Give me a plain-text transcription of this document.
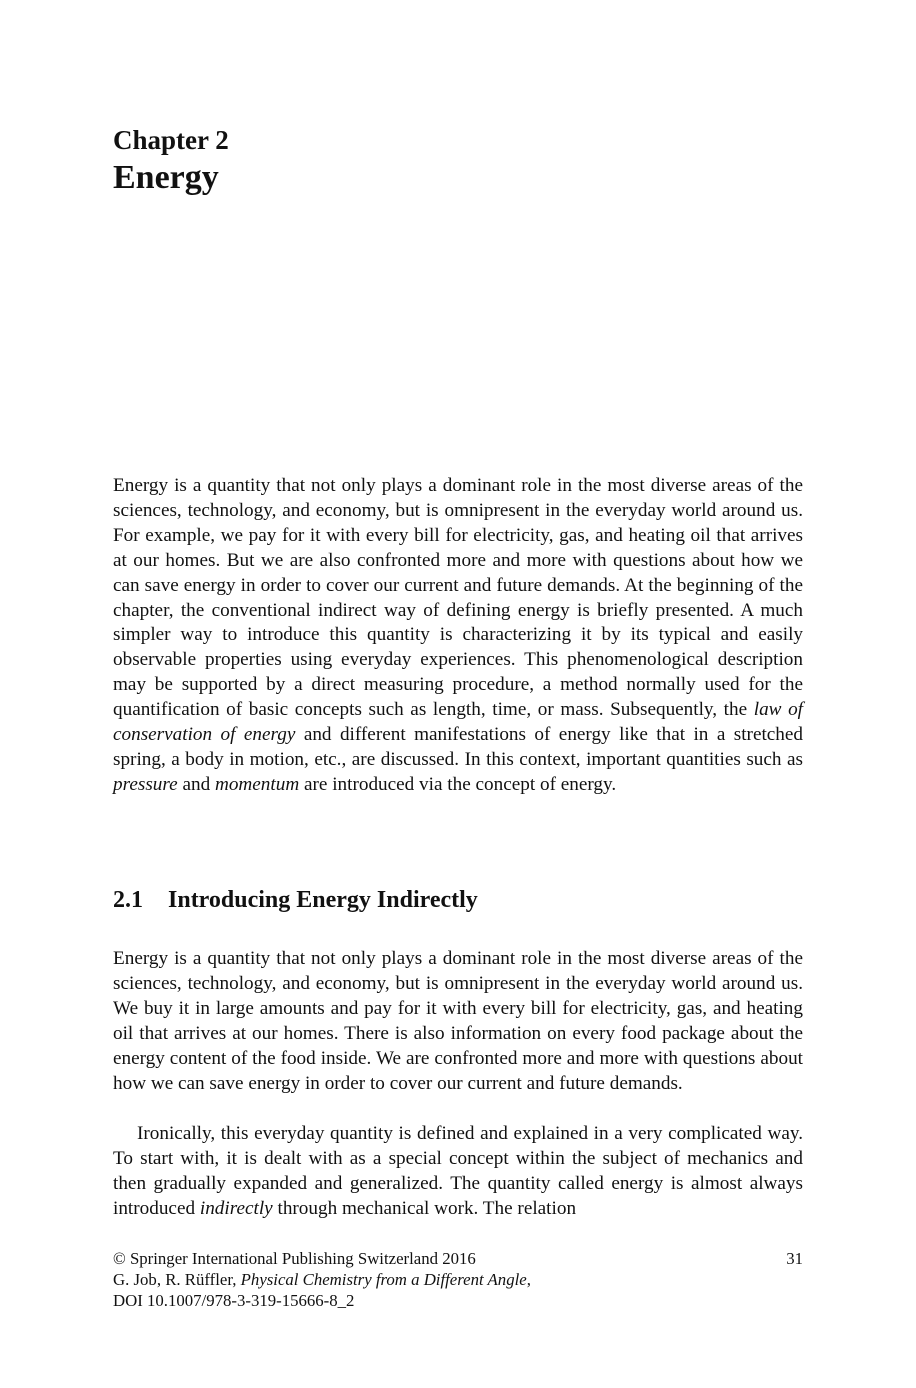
Chapter 2
Energy

Energy is a quantity that not only plays a dominant role in the most diverse areas of the sciences, technology, and economy, but is omnipresent in the everyday world around us. For example, we pay for it with every bill for electricity, gas, and heating oil that arrives at our homes. But we are also confronted more and more with questions about how we can save energy in order to cover our current and future demands. At the beginning of the chapter, the conventional indirect way of defining energy is briefly presented. A much simpler way to introduce this quantity is characterizing it by its typical and easily observable properties using everyday experiences. This phenomenological description may be supported by a direct measuring procedure, a method normally used for the quantification of basic concepts such as length, time, or mass. Subsequently, the law of conservation of energy and different manifestations of energy like that in a stretched spring, a body in motion, etc., are discussed. In this context, important quantities such as pressure and momentum are introduced via the concept of energy.

2.1 Introducing Energy Indirectly

Energy is a quantity that not only plays a dominant role in the most diverse areas of the sciences, technology, and economy, but is omnipresent in the everyday world around us. We buy it in large amounts and pay for it with every bill for electricity, gas, and heating oil that arrives at our homes. There is also information on every food package about the energy content of the food inside. We are confronted more and more with questions about how we can save energy in order to cover our current and future demands.

Ironically, this everyday quantity is defined and explained in a very complicated way. To start with, it is dealt with as a special concept within the subject of mechanics and then gradually expanded and generalized. The quantity called energy is almost always introduced indirectly through mechanical work. The relation

© Springer International Publishing Switzerland 2016
G. Job, R. Rüffler, Physical Chemistry from a Different Angle,
DOI 10.1007/978-3-319-15666-8_2
31
